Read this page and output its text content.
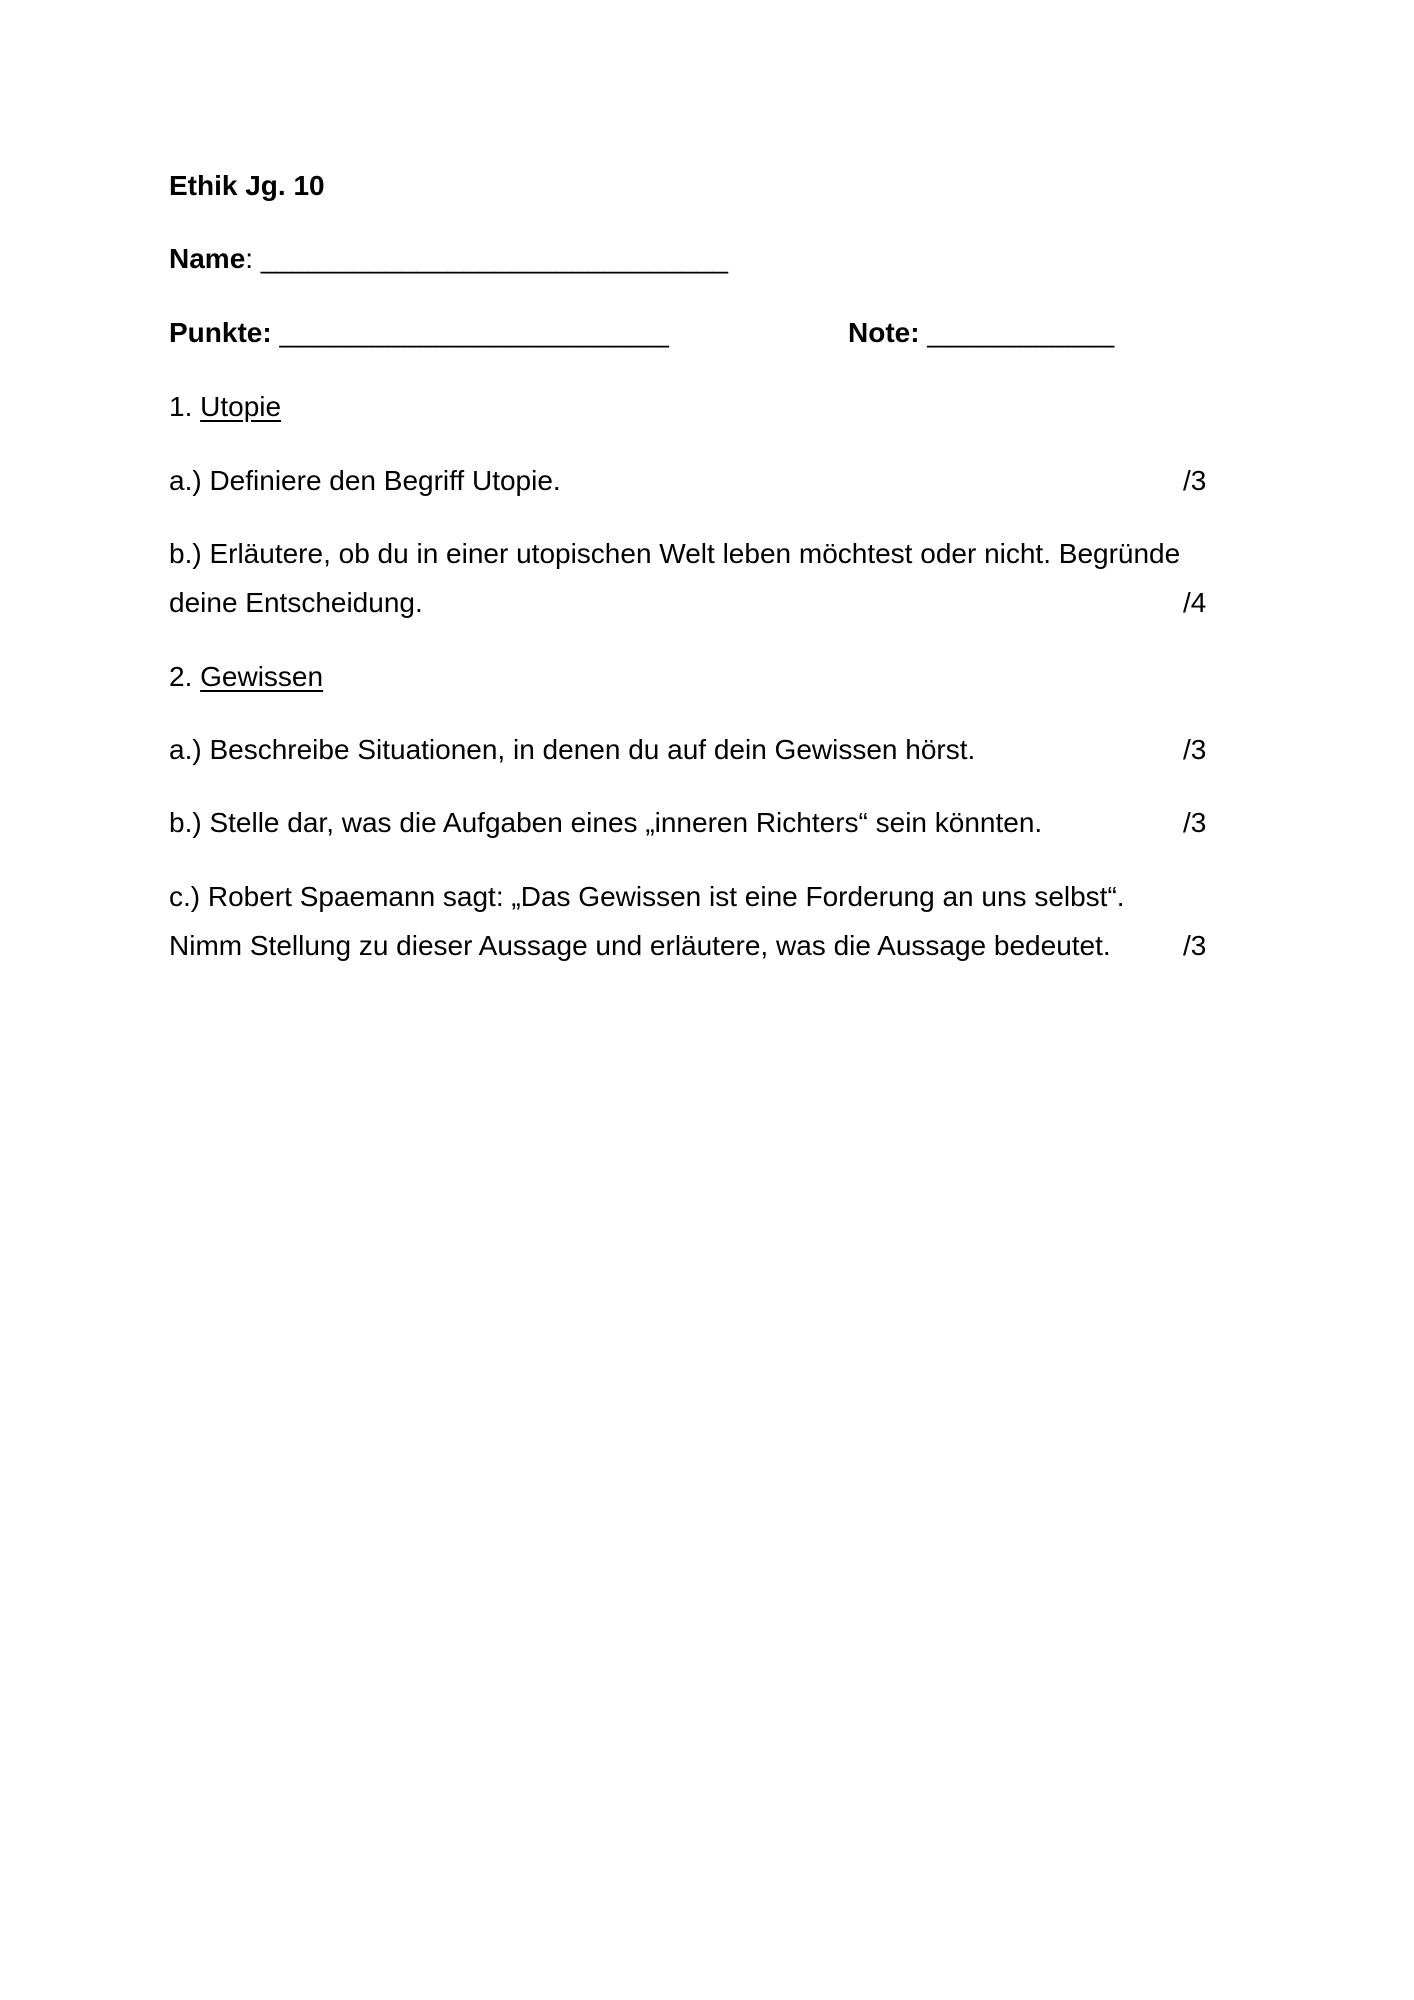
Ethik Jg. 10
Name: ______________________________
Punkte: _________________________	Note: ____________
1. Utopie
a.) Definiere den Begriff Utopie.	/3
b.) Erläutere, ob du in einer utopischen Welt leben möchtest oder nicht. Begründe
deine Entscheidung.	/4
2. Gewissen
a.) Beschreibe Situationen, in denen du auf dein Gewissen hörst.	/3
b.) Stelle dar, was die Aufgaben eines „inneren Richters“ sein könnten.	/3
c.) Robert Spaemann sagt: „Das Gewissen ist eine Forderung an uns selbst“.
Nimm Stellung zu dieser Aussage und erläutere, was die Aussage bedeutet.	/3
